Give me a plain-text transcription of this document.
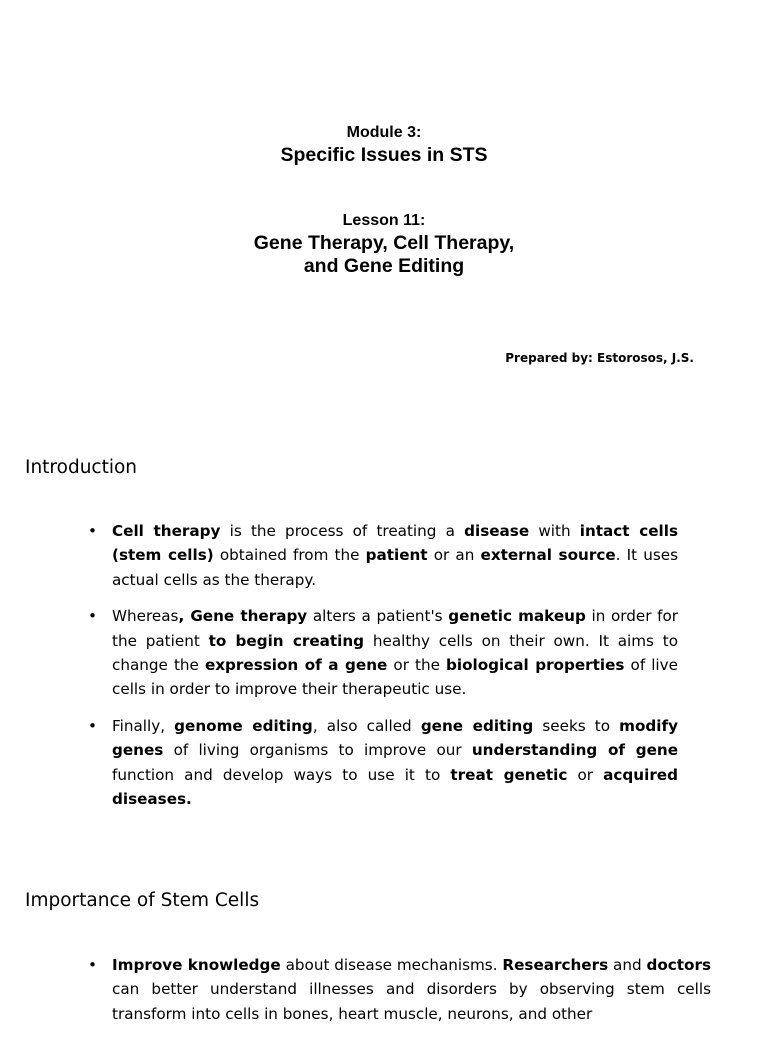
Module 3:
Specific Issues in STS
Lesson 11:
Gene Therapy, Cell Therapy,
and Gene Editing
Prepared by: Estorosos, J.S.
Introduction
• Cell therapy is the process of treating a disease with intact cells (stem cells) obtained from the patient or an external source. It uses actual cells as the therapy.
• Whereas, Gene therapy alters a patient's genetic makeup in order for the patient to begin creating healthy cells on their own. It aims to change the expression of a gene or the biological properties of live cells in order to improve their therapeutic use.
• Finally, genome editing, also called gene editing seeks to modify genes of living organisms to improve our understanding of gene function and develop ways to use it to treat genetic or acquired diseases.
Importance of Stem Cells
• Improve knowledge about disease mechanisms. Researchers and doctors can better understand illnesses and disorders by observing stem cells transform into cells in bones, heart muscle, neurons, and other
